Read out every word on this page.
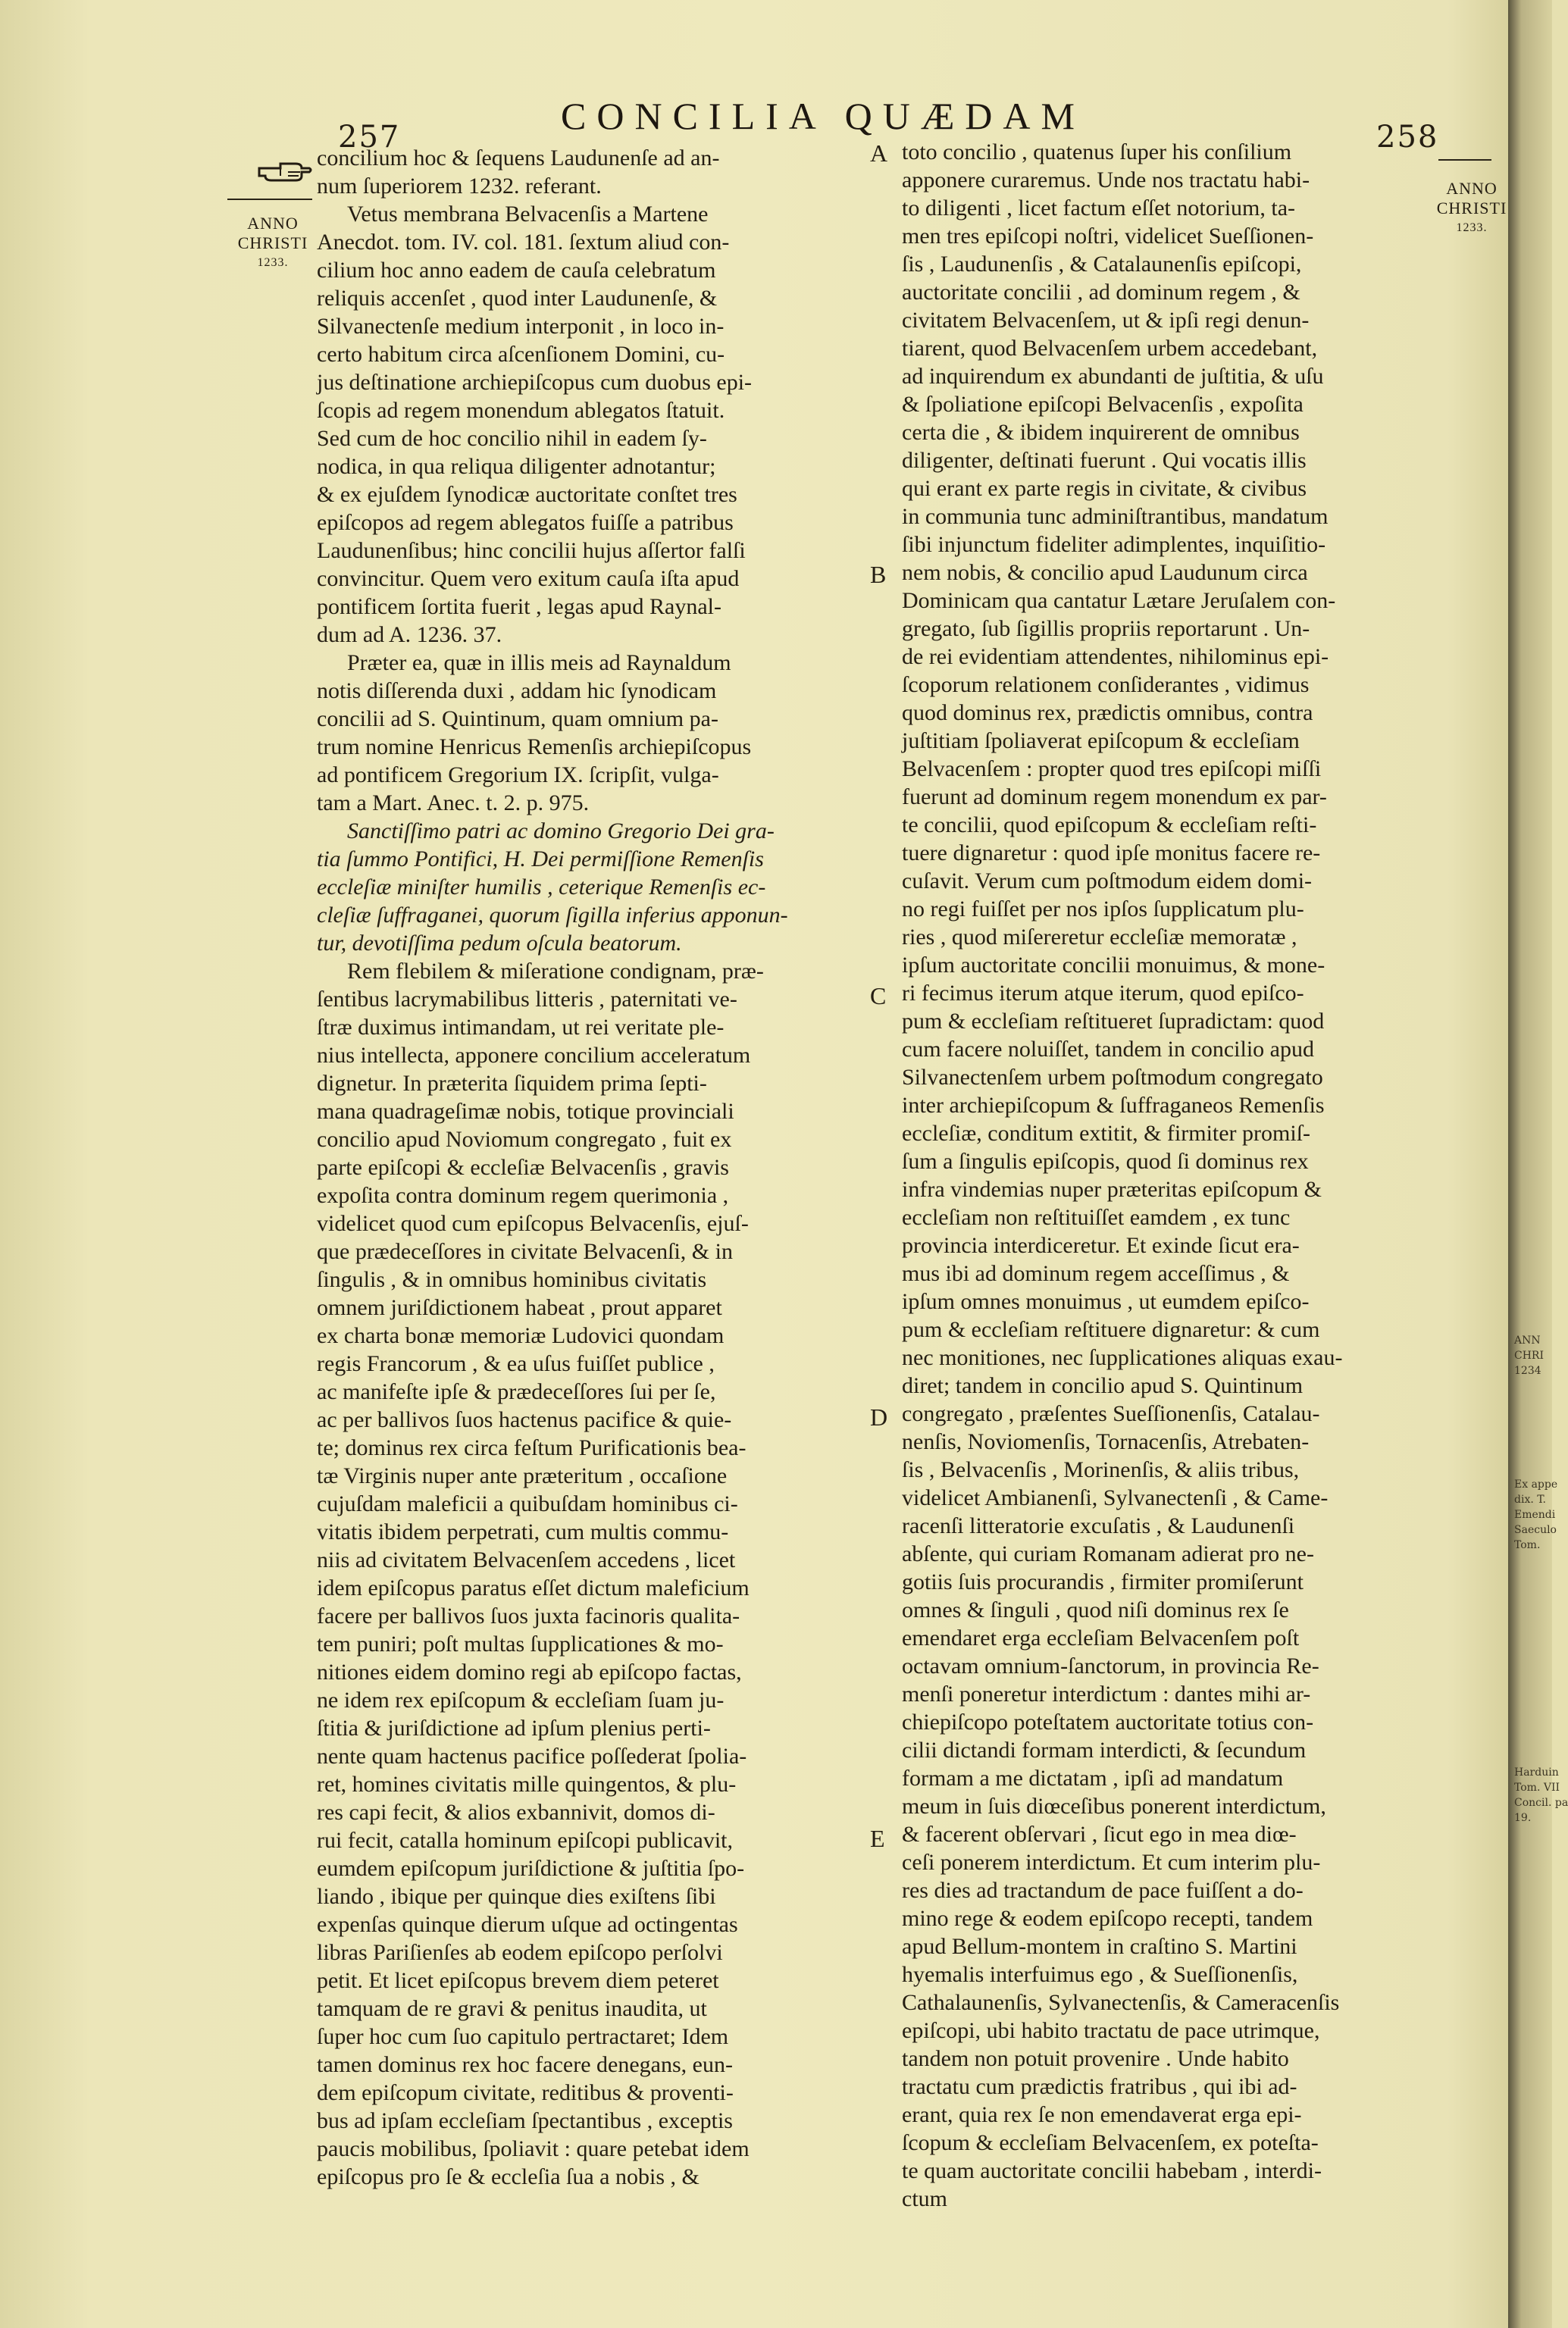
257	CONCILIA QUÆDAM	258
ANNO
CHRISTI
1233.
ANNO
CHRISTI
1233.
A
B
C
D
E
concilium hoc & ſequens Laudunenſe ad an-
num ſuperiorem 1232. referant.
Vetus membrana Belvacenſis a Martene
Anecdot. tom. IV. col. 181. ſextum aliud con-
cilium hoc anno eadem de cauſa celebratum
reliquis accenſet , quod inter Laudunenſe, &
Silvanectenſe medium interponit , in loco in-
certo habitum circa aſcenſionem Domini, cu-
jus deſtinatione archiepiſcopus cum duobus epi-
ſcopis ad regem monendum ablegatos ſtatuit.
Sed cum de hoc concilio nihil in eadem ſy-
nodica, in qua reliqua diligenter adnotantur;
& ex ejuſdem ſynodicæ auctoritate conſtet tres
epiſcopos ad regem ablegatos fuiſſe a patribus
Laudunenſibus; hinc concilii hujus aſſertor falſi
convincitur. Quem vero exitum cauſa iſta apud
pontificem ſortita fuerit , legas apud Raynal-
dum ad A. 1236. 37.
Præter ea, quæ in illis meis ad Raynaldum
notis diſſerenda duxi , addam hic ſynodicam
concilii ad S. Quintinum, quam omnium pa-
trum nomine Henricus Remenſis archiepiſcopus
ad pontificem Gregorium IX. ſcripſit, vulga-
tam a Mart. Anec. t. 2. p. 975.
Sanctiſſimo patri ac domino Gregorio Dei gra-
tia ſummo Pontifici, H. Dei permiſſione Remenſis
eccleſiæ miniſter humilis , ceterique Remenſis ec-
cleſiæ ſuffraganei, quorum ſigilla inferius apponun-
tur, devotiſſima pedum oſcula beatorum.
Rem flebilem & miſeratione condignam, præ-
ſentibus lacrymabilibus litteris , paternitati ve-
ſtræ duximus intimandam, ut rei veritate ple-
nius intellecta, apponere concilium acceleratum
dignetur. In præterita ſiquidem prima ſepti-
mana quadrageſimæ nobis, totique provinciali
concilio apud Noviomum congregato , fuit ex
parte epiſcopi & eccleſiæ Belvacenſis , gravis
expoſita contra dominum regem querimonia ,
videlicet quod cum epiſcopus Belvacenſis, ejuſ-
que prædeceſſores in civitate Belvacenſi, & in
ſingulis , & in omnibus hominibus civitatis
omnem juriſdictionem habeat , prout apparet
ex charta bonæ memoriæ Ludovici quondam
regis Francorum , & ea uſus fuiſſet publice ,
ac manifeſte ipſe & prædeceſſores ſui per ſe,
ac per ballivos ſuos hactenus pacifice & quie-
te; dominus rex circa feſtum Purificationis bea-
tæ Virginis nuper ante præteritum , occaſione
cujuſdam maleficii a quibuſdam hominibus ci-
vitatis ibidem perpetrati, cum multis commu-
niis ad civitatem Belvacenſem accedens , licet
idem epiſcopus paratus eſſet dictum maleficium
facere per ballivos ſuos juxta facinoris qualita-
tem puniri; poſt multas ſupplicationes & mo-
nitiones eidem domino regi ab epiſcopo factas,
ne idem rex epiſcopum & eccleſiam ſuam ju-
ſtitia & juriſdictione ad ipſum plenius perti-
nente quam hactenus pacifice poſſederat ſpolia-
ret, homines civitatis mille quingentos, & plu-
res capi fecit, & alios exbannivit, domos di-
rui fecit, catalla hominum epiſcopi publicavit,
eumdem epiſcopum juriſdictione & juſtitia ſpo-
liando , ibique per quinque dies exiſtens ſibi
expenſas quinque dierum uſque ad octingentas
libras Pariſienſes ab eodem epiſcopo perſolvi
petit. Et licet epiſcopus brevem diem peteret
tamquam de re gravi & penitus inaudita, ut
ſuper hoc cum ſuo capitulo pertractaret; Idem
tamen dominus rex hoc facere denegans, eun-
dem epiſcopum civitate, reditibus & proventi-
bus ad ipſam eccleſiam ſpectantibus , exceptis
paucis mobilibus, ſpoliavit : quare petebat idem
epiſcopus pro ſe & eccleſia ſua a nobis , &
toto concilio , quatenus ſuper his conſilium
apponere curaremus. Unde nos tractatu habi-
to diligenti , licet factum eſſet notorium, ta-
men tres epiſcopi noſtri, videlicet Sueſſionen-
ſis , Laudunenſis , & Catalaunenſis epiſcopi,
auctoritate concilii , ad dominum regem , &
civitatem Belvacenſem, ut & ipſi regi denun-
tiarent, quod Belvacenſem urbem accedebant,
ad inquirendum ex abundanti de juſtitia, & uſu
& ſpoliatione epiſcopi Belvacenſis , expoſita
certa die , & ibidem inquirerent de omnibus
diligenter, deſtinati fuerunt . Qui vocatis illis
qui erant ex parte regis in civitate, & civibus
in communia tunc adminiſtrantibus, mandatum
ſibi injunctum fideliter adimplentes, inquiſitio-
nem nobis, & concilio apud Laudunum circa
Dominicam qua cantatur Lætare Jeruſalem con-
gregato, ſub ſigillis propriis reportarunt . Un-
de rei evidentiam attendentes, nihilominus epi-
ſcoporum relationem conſiderantes , vidimus
quod dominus rex, prædictis omnibus, contra
juſtitiam ſpoliaverat epiſcopum & eccleſiam
Belvacenſem : propter quod tres epiſcopi miſſi
fuerunt ad dominum regem monendum ex par-
te concilii, quod epiſcopum & eccleſiam reſti-
tuere dignaretur : quod ipſe monitus facere re-
cuſavit. Verum cum poſtmodum eidem domi-
no regi fuiſſet per nos ipſos ſupplicatum plu-
ries , quod miſereretur eccleſiæ memoratæ ,
ipſum auctoritate concilii monuimus, & mone-
ri fecimus iterum atque iterum, quod epiſco-
pum & eccleſiam reſtitueret ſupradictam: quod
cum facere noluiſſet, tandem in concilio apud
Silvanectenſem urbem poſtmodum congregato
inter archiepiſcopum & ſuffraganeos Remenſis
eccleſiæ, conditum extitit, & firmiter promiſ-
ſum a ſingulis epiſcopis, quod ſi dominus rex
infra vindemias nuper præteritas epiſcopum &
eccleſiam non reſtituiſſet eamdem , ex tunc
provincia interdiceretur. Et exinde ſicut era-
mus ibi ad dominum regem acceſſimus , &
ipſum omnes monuimus , ut eumdem epiſco-
pum & eccleſiam reſtituere dignaretur: & cum
nec monitiones, nec ſupplicationes aliquas exau-
diret; tandem in concilio apud S. Quintinum
congregato , præſentes Sueſſionenſis, Catalau-
nenſis, Noviomenſis, Tornacenſis, Atrebaten-
ſis , Belvacenſis , Morinenſis, & aliis tribus,
videlicet Ambianenſi, Sylvanectenſi , & Came-
racenſi litteratorie excuſatis , & Laudunenſi
abſente, qui curiam Romanam adierat pro ne-
gotiis ſuis procurandis , firmiter promiſerunt
omnes & ſinguli , quod niſi dominus rex ſe
emendaret erga eccleſiam Belvacenſem poſt
octavam omnium-ſanctorum, in provincia Re-
menſi poneretur interdictum : dantes mihi ar-
chiepiſcopo poteſtatem auctoritate totius con-
cilii dictandi formam interdicti, & ſecundum
formam a me dictatam , ipſi ad mandatum
meum in ſuis diœceſibus ponerent interdictum,
& facerent obſervari , ſicut ego in mea diœ-
ceſi ponerem interdictum. Et cum interim plu-
res dies ad tractandum de pace fuiſſent a do-
mino rege & eodem epiſcopo recepti, tandem
apud Bellum-montem in craſtino S. Martini
hyemalis interfuimus ego , & Sueſſionenſis,
Cathalaunenſis, Sylvanectenſis, & Cameracenſis
epiſcopi, ubi habito tractatu de pace utrimque,
tandem non potuit provenire . Unde habito
tractatu cum prædictis fratribus , qui ibi ad-
erant, quia rex ſe non emendaverat erga epi-
ſcopum & eccleſiam Belvacenſem, ex poteſta-
te quam auctoritate concilii habebam , interdi-
ctum
ANN
CHRI
1234
Ex appe
dix. T.
Emendi
Saeculo
Tom.
Harduin
Tom. VII
Concil. pa
19.
